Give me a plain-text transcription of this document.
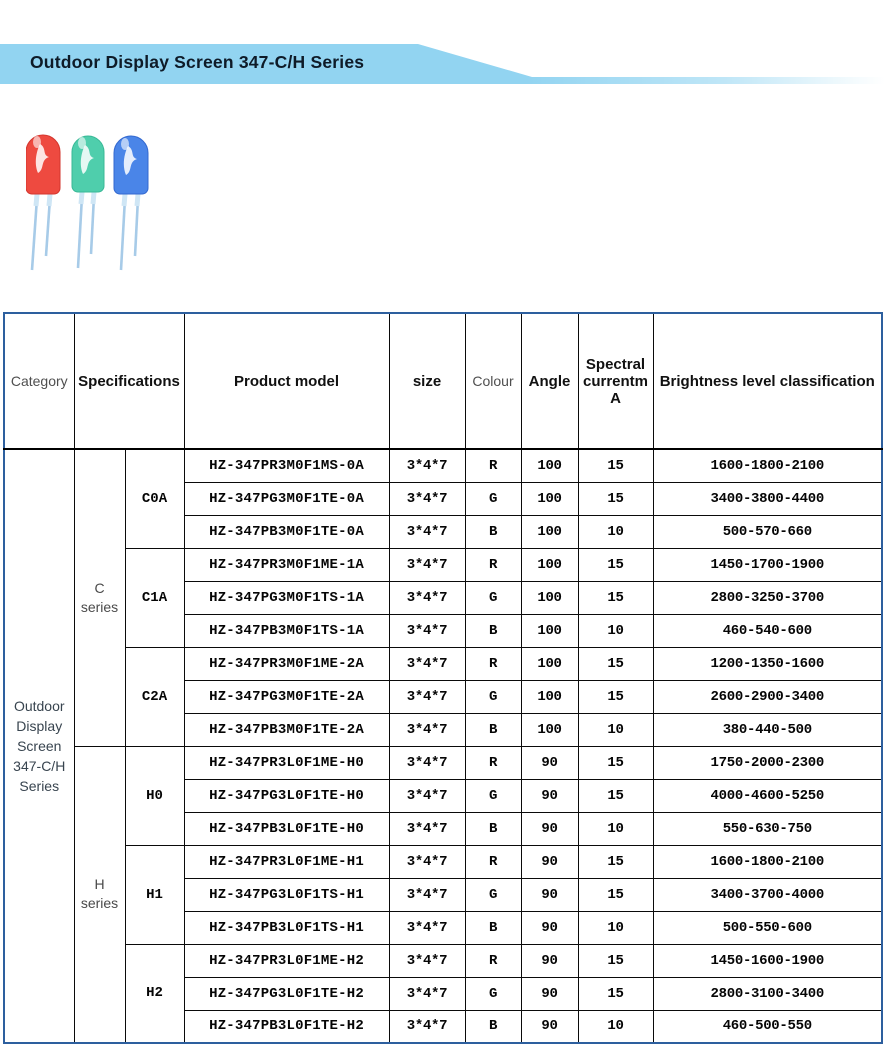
Outdoor Display Screen 347-C/H Series
Category	Specifications		Product model	size	Colour	Angle	Spectral currentm A	Brightness level classification
Outdoor Display Screen 347-C/H Series	C series	C0A	HZ-347PR3M0F1MS-0A	3*4*7	R	100	15	1600-1800-2100
			HZ-347PG3M0F1TE-0A	3*4*7	G	100	15	3400-3800-4400
			HZ-347PB3M0F1TE-0A	3*4*7	B	100	10	500-570-660
		C1A	HZ-347PR3M0F1ME-1A	3*4*7	R	100	15	1450-1700-1900
			HZ-347PG3M0F1TS-1A	3*4*7	G	100	15	2800-3250-3700
			HZ-347PB3M0F1TS-1A	3*4*7	B	100	10	460-540-600
		C2A	HZ-347PR3M0F1ME-2A	3*4*7	R	100	15	1200-1350-1600
			HZ-347PG3M0F1TE-2A	3*4*7	G	100	15	2600-2900-3400
			HZ-347PB3M0F1TE-2A	3*4*7	B	100	10	380-440-500
	H series	H0	HZ-347PR3L0F1ME-H0	3*4*7	R	90	15	1750-2000-2300
			HZ-347PG3L0F1TE-H0	3*4*7	G	90	15	4000-4600-5250
			HZ-347PB3L0F1TE-H0	3*4*7	B	90	10	550-630-750
		H1	HZ-347PR3L0F1ME-H1	3*4*7	R	90	15	1600-1800-2100
			HZ-347PG3L0F1TS-H1	3*4*7	G	90	15	3400-3700-4000
			HZ-347PB3L0F1TS-H1	3*4*7	B	90	10	500-550-600
		H2	HZ-347PR3L0F1ME-H2	3*4*7	R	90	15	1450-1600-1900
			HZ-347PG3L0F1TE-H2	3*4*7	G	90	15	2800-3100-3400
			HZ-347PB3L0F1TE-H2	3*4*7	B	90	10	460-500-550
